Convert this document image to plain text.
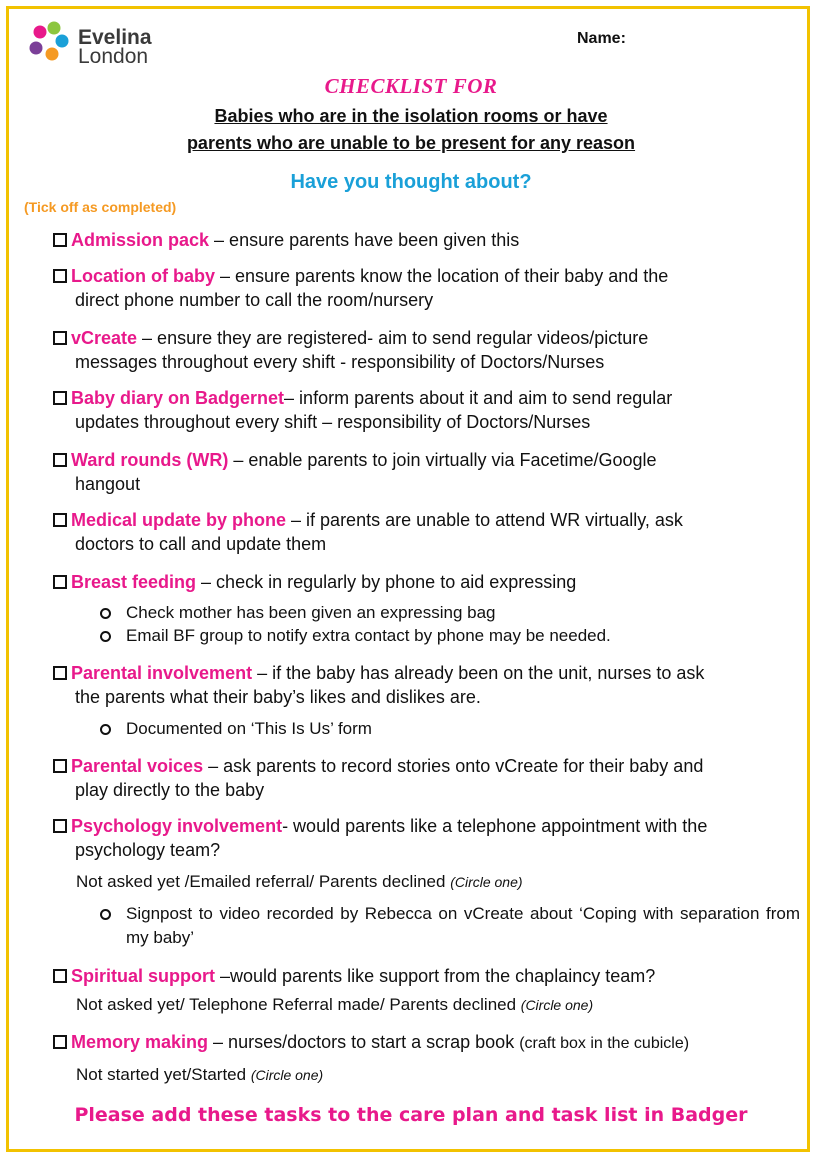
Evelina
London
Name:
CHECKLIST FOR
Babies who are in the isolation rooms or have
parents who are unable to be present for any reason
Have you thought about?
(Tick off as completed)
Admission pack – ensure parents have been given this
Location of baby – ensure parents know the location of their baby and the
direct phone number to call the room/nursery
vCreate – ensure they are registered- aim to send regular videos/picture
messages throughout every shift - responsibility of Doctors/Nurses
Baby diary on Badgernet– inform parents about it and aim to send regular
updates throughout every shift – responsibility of Doctors/Nurses
Ward rounds (WR) – enable parents to join virtually via Facetime/Google
hangout
Medical update by phone – if parents are unable to attend WR virtually, ask
doctors to call and update them
Breast feeding – check in regularly by phone to aid expressing
Check mother has been given an expressing bag
Email BF group to notify extra contact by phone may be needed.
Parental involvement – if the baby has already been on the unit, nurses to ask
the parents what their baby’s likes and dislikes are.
Documented on ‘This Is Us’ form
Parental voices – ask parents to record stories onto vCreate for their baby and
play directly to the baby
Psychology involvement- would parents like a telephone appointment with the
psychology team?
Not asked yet /Emailed referral/ Parents declined (Circle one)
Signpost to video recorded by Rebecca on vCreate about ‘Coping with separation from my baby’
Spiritual support –would parents like support from the chaplaincy team?
Not asked yet/ Telephone Referral made/ Parents declined (Circle one)
Memory making – nurses/doctors to start a scrap book (craft box in the cubicle)
Not started yet/Started (Circle one)
Please add these tasks to the care plan and task list in Badger
